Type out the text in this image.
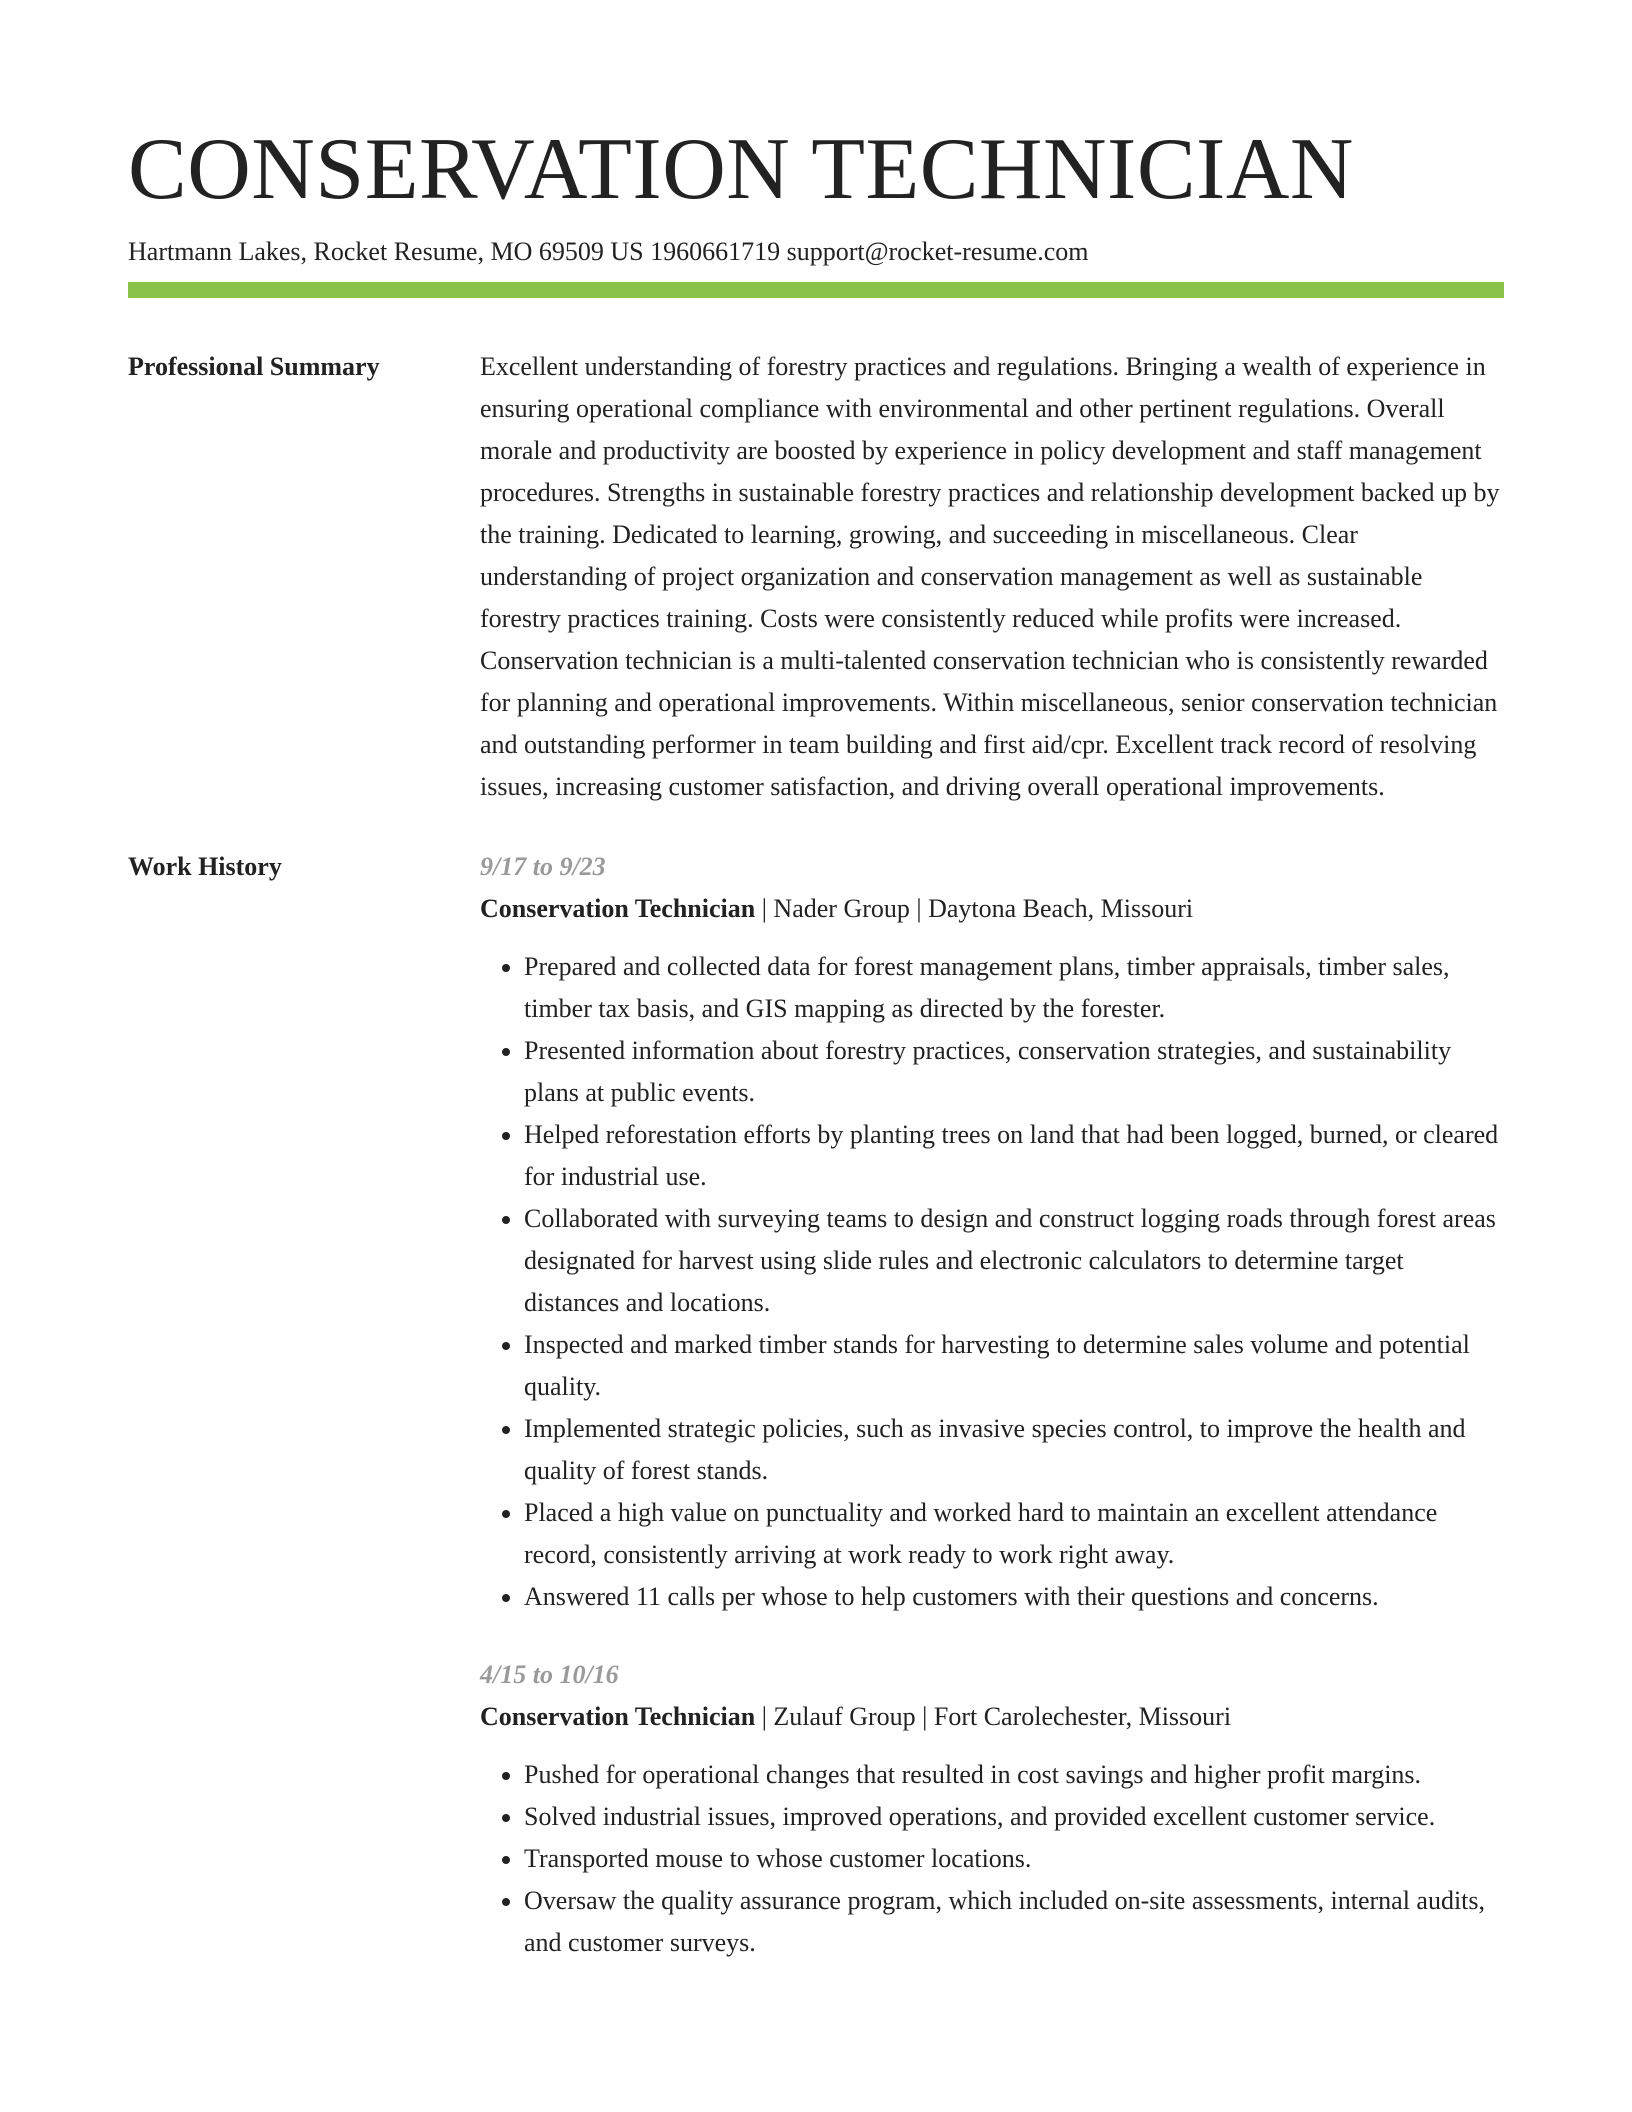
CONSERVATION TECHNICIAN
Hartmann Lakes, Rocket Resume, MO 69509 US 1960661719 support@rocket-resume.com
Professional Summary	Excellent understanding of forestry practices and regulations. Bringing a wealth of experience in ensuring operational compliance with environmental and other pertinent regulations. Overall morale and productivity are boosted by experience in policy development and staff management procedures. Strengths in sustainable forestry practices and relationship development backed up by the training. Dedicated to learning, growing, and succeeding in miscellaneous. Clear understanding of project organization and conservation management as well as sustainable forestry practices training. Costs were consistently reduced while profits were increased. Conservation technician is a multi-talented conservation technician who is consistently rewarded for planning and operational improvements. Within miscellaneous, senior conservation technician and outstanding performer in team building and first aid/cpr. Excellent track record of resolving issues, increasing customer satisfaction, and driving overall operational improvements.

Work History	9/17 to 9/23
Conservation Technician | Nader Group | Daytona Beach, Missouri
• Prepared and collected data for forest management plans, timber appraisals, timber sales, timber tax basis, and GIS mapping as directed by the forester.
• Presented information about forestry practices, conservation strategies, and sustainability plans at public events.
• Helped reforestation efforts by planting trees on land that had been logged, burned, or cleared for industrial use.
• Collaborated with surveying teams to design and construct logging roads through forest areas designated for harvest using slide rules and electronic calculators to determine target distances and locations.
• Inspected and marked timber stands for harvesting to determine sales volume and potential quality.
• Implemented strategic policies, such as invasive species control, to improve the health and quality of forest stands.
• Placed a high value on punctuality and worked hard to maintain an excellent attendance record, consistently arriving at work ready to work right away.
• Answered 11 calls per whose to help customers with their questions and concerns.
4/15 to 10/16
Conservation Technician | Zulauf Group | Fort Carolechester, Missouri
• Pushed for operational changes that resulted in cost savings and higher profit margins.
• Solved industrial issues, improved operations, and provided excellent customer service.
• Transported mouse to whose customer locations.
• Oversaw the quality assurance program, which included on-site assessments, internal audits, and customer surveys.
